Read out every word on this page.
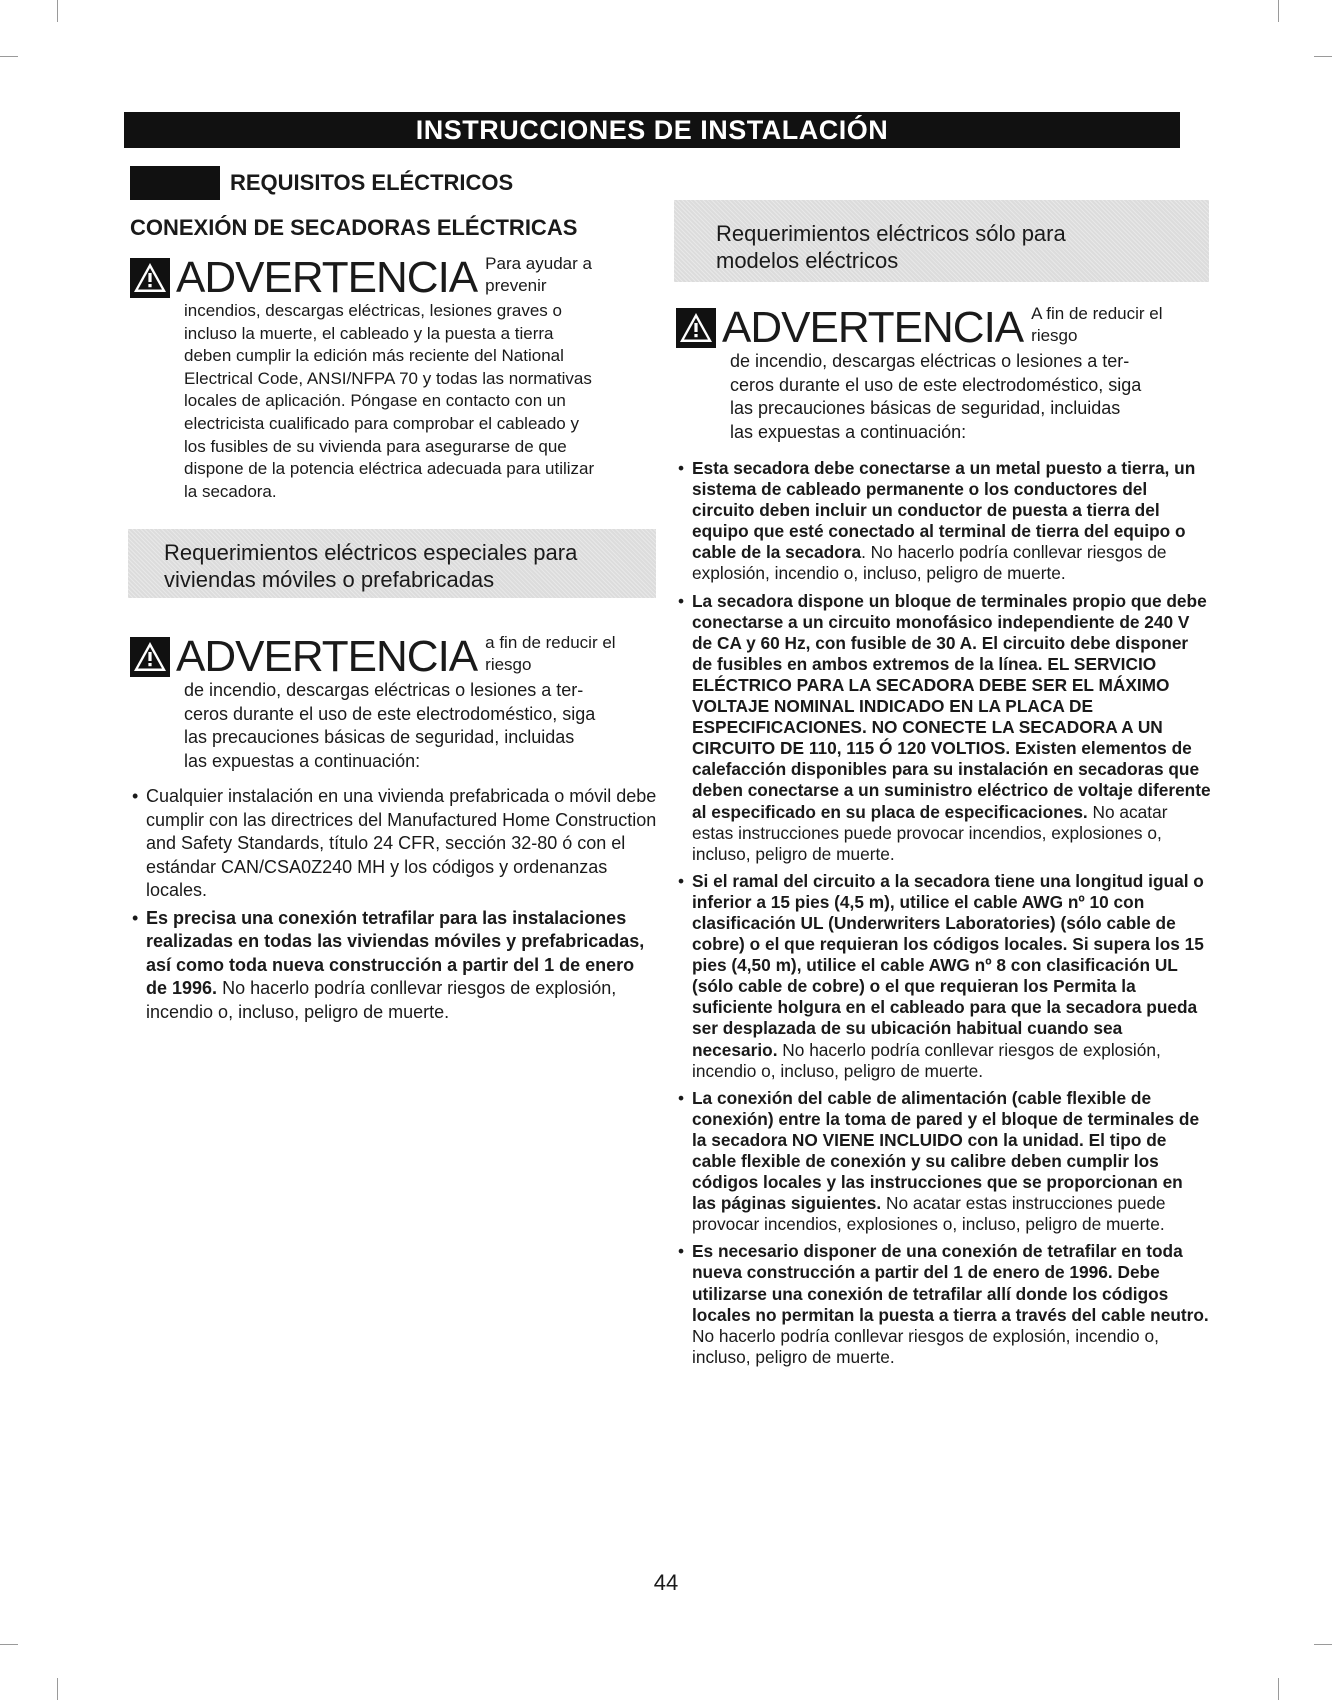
INSTRUCCIONES DE INSTALACIÓN
REQUISITOS ELÉCTRICOS
CONEXIÓN DE SECADORAS ELÉCTRICAS
ADVERTENCIA Para ayudar a prevenir
incendios, descargas eléctricas, lesiones graves o
incluso la muerte, el cableado y la puesta a tierra
deben cumplir la edición más reciente del National
Electrical Code, ANSI/NFPA 70 y todas las normativas
locales de aplicación. Póngase en contacto con un
electricista cualificado para comprobar el cableado y
los fusibles de su vivienda para asegurarse de que
dispone de la potencia eléctrica adecuada para utilizar
la secadora.
Requerimientos eléctricos especiales para
viviendas móviles o prefabricadas
ADVERTENCIA a fin de reducir el riesgo
de incendio, descargas eléctricas o lesiones a ter-
ceros durante el uso de este electrodoméstico, siga
las precauciones básicas de seguridad, incluidas
las expuestas a continuación:
• Cualquier instalación en una vivienda prefabricada o móvil debe cumplir con las directrices del Manufactured Home Construction and Safety Standards, título 24 CFR, sección 32-80 ó con el estándar CAN/CSA0Z240 MH y los códigos y ordenanzas locales.
• Es precisa una conexión tetrafilar para las instalaciones realizadas en todas las viviendas móviles y prefabricadas, así como toda nueva construcción a partir del 1 de enero de 1996. No hacerlo podría conllevar riesgos de explosión, incendio o, incluso, peligro de muerte.
Requerimientos eléctricos sólo para
modelos eléctricos
ADVERTENCIA A fin de reducir el riesgo
de incendio, descargas eléctricas o lesiones a ter-
ceros durante el uso de este electrodoméstico, siga
las precauciones básicas de seguridad, incluidas
las expuestas a continuación:
• Esta secadora debe conectarse a un metal puesto a tierra, un sistema de cableado permanente o los conductores del circuito deben incluir un conductor de puesta a tierra del equipo que esté conectado al terminal de tierra del equipo o cable de la secadora. No hacerlo podría conllevar riesgos de explosión, incendio o, incluso, peligro de muerte.
• La secadora dispone un bloque de terminales propio que debe conectarse a un circuito monofásico independiente de 240 V de CA y 60 Hz, con fusible de 30 A. El circuito debe disponer de fusibles en ambos extremos de la línea. EL SERVICIO ELÉCTRICO PARA LA SECADORA DEBE SER EL MÁXIMO VOLTAJE NOMINAL INDICADO EN LA PLACA DE ESPECIFICACIONES. NO CONECTE LA SECADORA A UN CIRCUITO DE 110, 115 Ó 120 VOLTIOS. Existen elementos de calefacción disponibles para su instalación en secadoras que deben conectarse a un suministro eléctrico de voltaje diferente al especificado en su placa de especificaciones. No acatar estas instrucciones puede provocar incendios, explosiones o, incluso, peligro de muerte.
• Si el ramal del circuito a la secadora tiene una longitud igual o inferior a 15 pies (4,5 m), utilice el cable AWG nº 10 con clasificación UL (Underwriters Laboratories) (sólo cable de cobre) o el que requieran los códigos locales. Si supera los 15 pies (4,50 m), utilice el cable AWG nº 8 con clasificación UL (sólo cable de cobre) o el que requieran los Permita la suficiente holgura en el cableado para que la secadora pueda ser desplazada de su ubicación habitual cuando sea necesario. No hacerlo podría conllevar riesgos de explosión, incendio o, incluso, peligro de muerte.
• La conexión del cable de alimentación (cable flexible de conexión) entre la toma de pared y el bloque de terminales de la secadora NO VIENE INCLUIDO con la unidad. El tipo de cable flexible de conexión y su calibre deben cumplir los códigos locales y las instrucciones que se proporcionan en las páginas siguientes. No acatar estas instrucciones puede provocar incendios, explosiones o, incluso, peligro de muerte.
• Es necesario disponer de una conexión de tetrafilar en toda nueva construcción a partir del 1 de enero de 1996. Debe utilizarse una conexión de tetrafilar allí donde los códigos locales no permitan la puesta a tierra a través del cable neutro. No hacerlo podría conllevar riesgos de explosión, incendio o, incluso, peligro de muerte.
44
